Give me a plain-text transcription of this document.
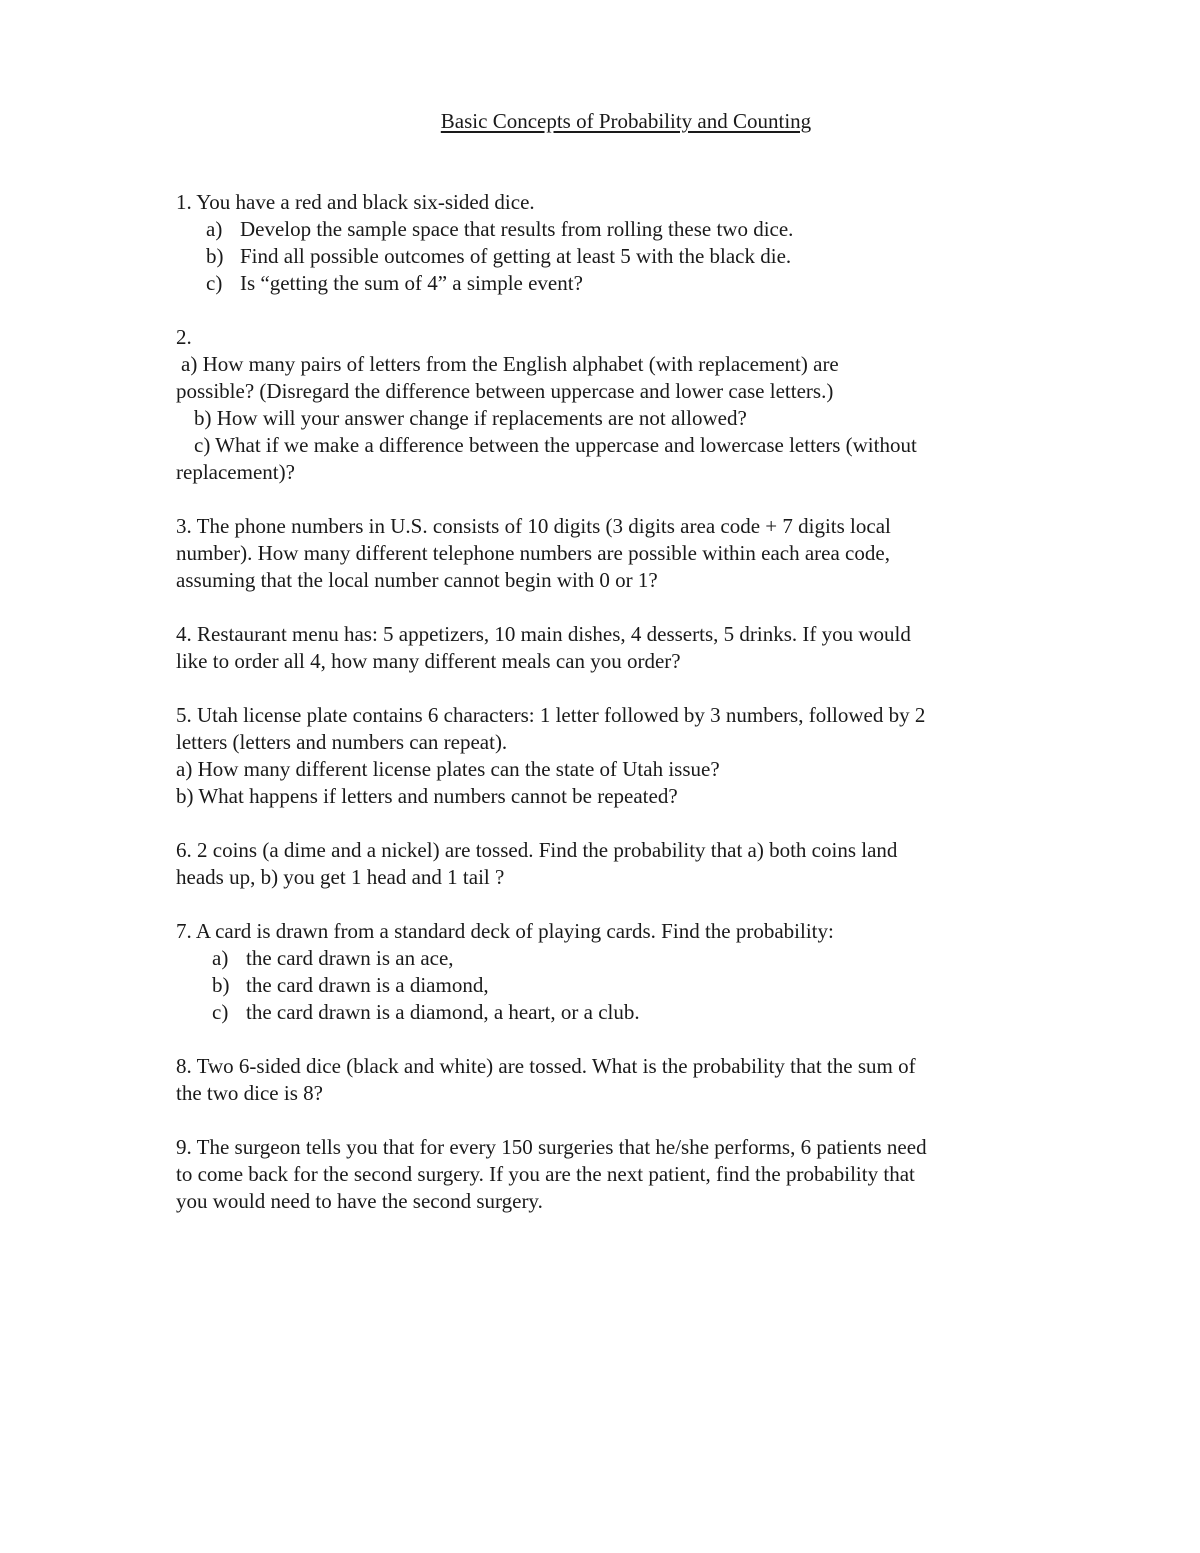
Basic Concepts of Probability and Counting
1. You have a red and black six-sided dice.
a) Develop the sample space that results from rolling these two dice.
b) Find all possible outcomes of getting at least 5 with the black die.
c) Is “getting the sum of 4” a simple event?
2.
a) How many pairs of letters from the English alphabet (with replacement) are
possible? (Disregard the difference between uppercase and lower case letters.)
b) How will your answer change if replacements are not allowed?
c) What if we make a difference between the uppercase and lowercase letters (without
replacement)?
3. The phone numbers in U.S. consists of 10 digits (3 digits area code + 7 digits local
number). How many different telephone numbers are possible within each area code,
assuming that the local number cannot begin with 0 or 1?
4. Restaurant menu has: 5 appetizers, 10 main dishes, 4 desserts, 5 drinks. If you would
like to order all 4, how many different meals can you order?
5. Utah license plate contains 6 characters: 1 letter followed by 3 numbers, followed by 2
letters (letters and numbers can repeat).
a) How many different license plates can the state of Utah issue?
b) What happens if letters and numbers cannot be repeated?
6. 2 coins (a dime and a nickel) are tossed. Find the probability that a) both coins land
heads up, b) you get 1 head and 1 tail ?
7. A card is drawn from a standard deck of playing cards. Find the probability:
a) the card drawn is an ace,
b) the card drawn is a diamond,
c) the card drawn is a diamond, a heart, or a club.
8. Two 6-sided dice (black and white) are tossed. What is the probability that the sum of
the two dice is 8?
9. The surgeon tells you that for every 150 surgeries that he/she performs, 6 patients need
to come back for the second surgery. If you are the next patient, find the probability that
you would need to have the second surgery.
